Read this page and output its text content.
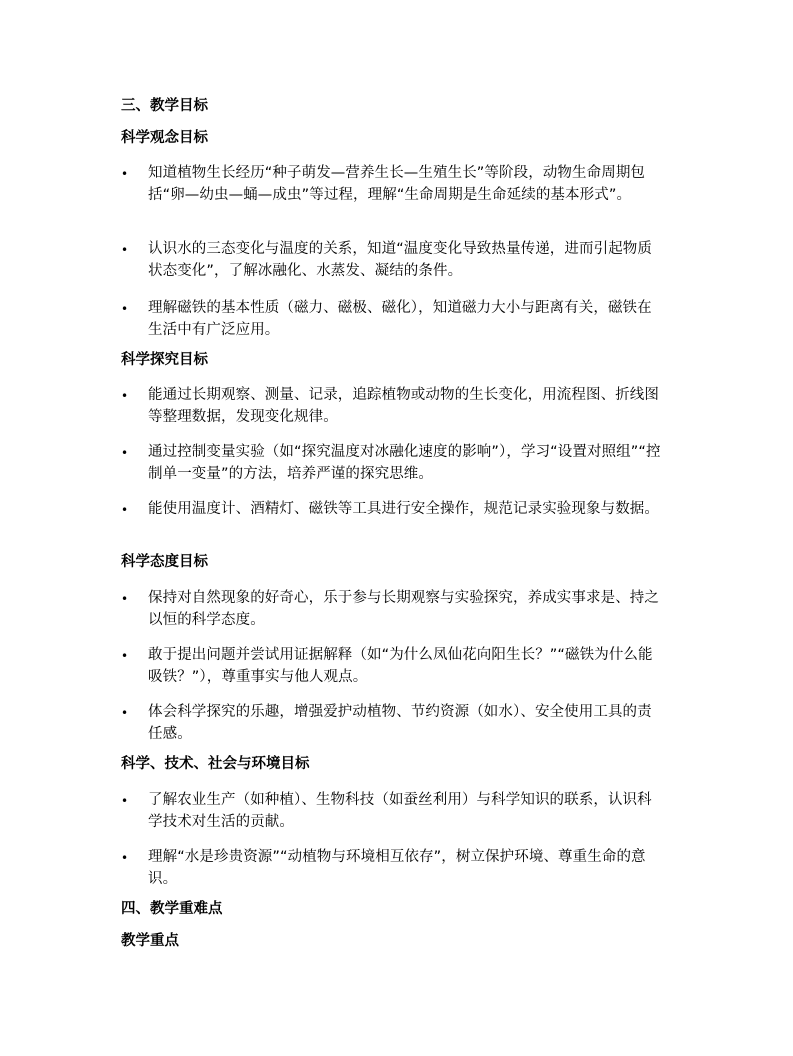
三、教学目标
科学观念目标
• 知道植物生长经历“种子萌发—营养生长—生殖生长”等阶段，动物生命周期包括“卵—幼虫—蛹—成虫”等过程，理解“生命周期是生命延续的基本形式”。
• 认识水的三态变化与温度的关系，知道“温度变化导致热量传递，进而引起物质状态变化”，了解冰融化、水蒸发、凝结的条件。
• 理解磁铁的基本性质（磁力、磁极、磁化），知道磁力大小与距离有关，磁铁在生活中有广泛应用。
科学探究目标
• 能通过长期观察、测量、记录，追踪植物或动物的生长变化，用流程图、折线图等整理数据，发现变化规律。
• 通过控制变量实验（如“探究温度对冰融化速度的影响”），学习“设置对照组”“控制单一变量”的方法，培养严谨的探究思维。
• 能使用温度计、酒精灯、磁铁等工具进行安全操作，规范记录实验现象与数据。
科学态度目标
• 保持对自然现象的好奇心，乐于参与长期观察与实验探究，养成实事求是、持之以恒的科学态度。
• 敢于提出问题并尝试用证据解释（如“为什么凤仙花向阳生长？”“磁铁为什么能吸铁？”），尊重事实与他人观点。
• 体会科学探究的乐趣，增强爱护动植物、节约资源（如水）、安全使用工具的责任感。
科学、技术、社会与环境目标
• 了解农业生产（如种植）、生物科技（如蚕丝利用）与科学知识的联系，认识科学技术对生活的贡献。
• 理解“水是珍贵资源”“动植物与环境相互依存”，树立保护环境、尊重生命的意识。
四、教学重难点
教学重点
